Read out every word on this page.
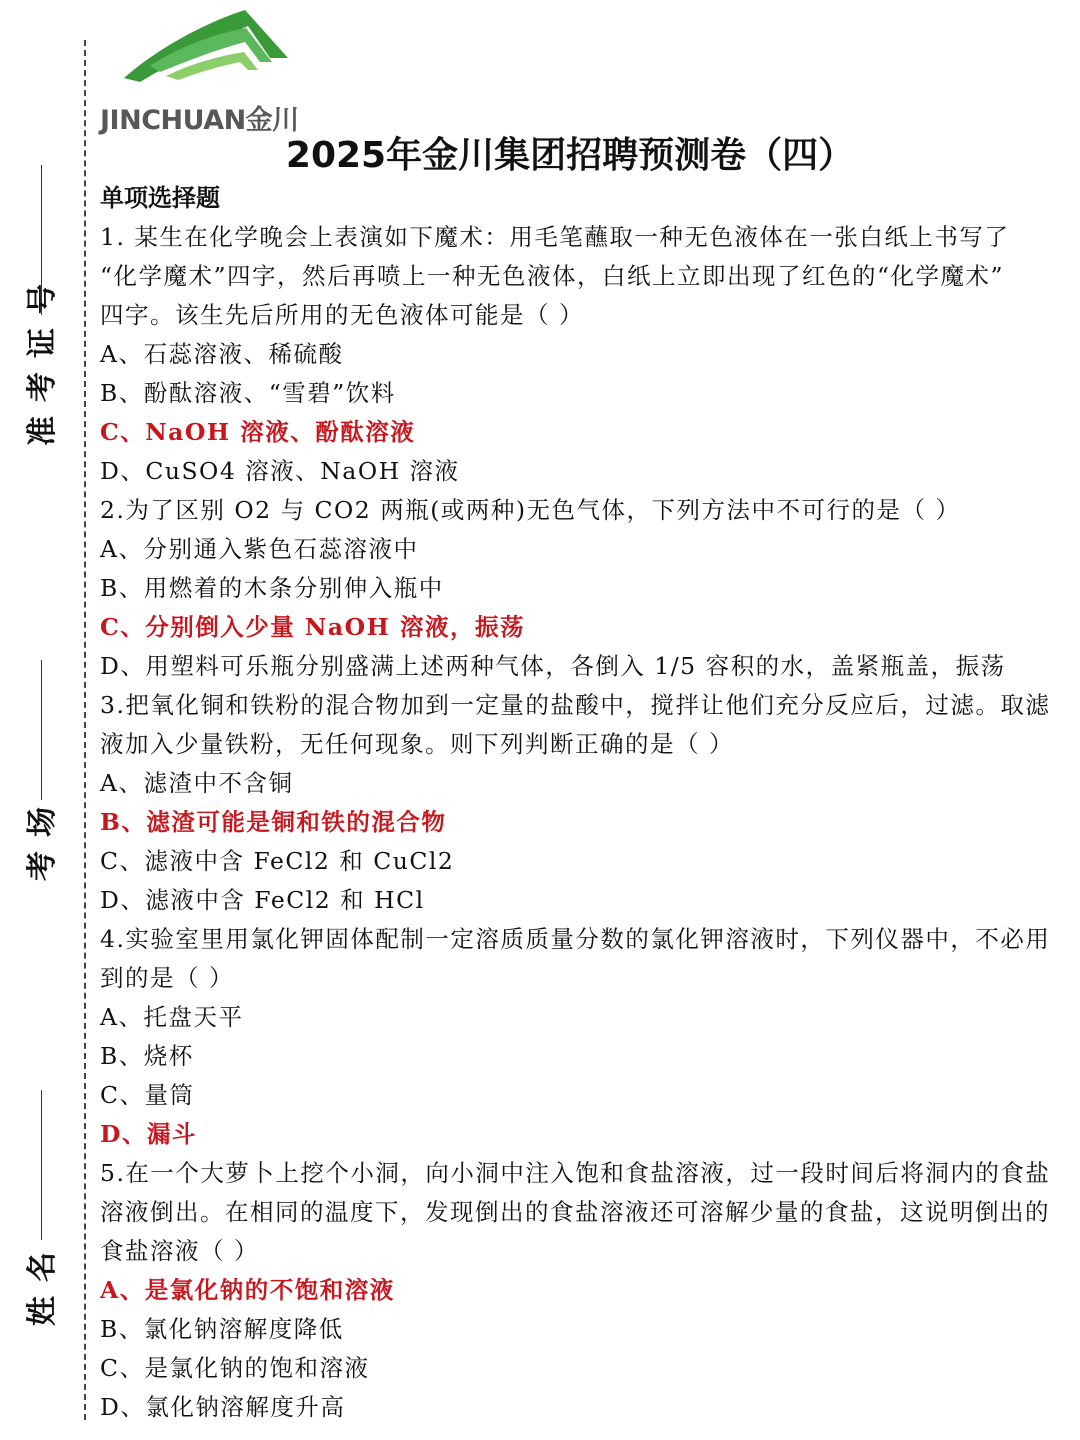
准考证号
考场
姓名
JINCHUAN金川
2025年金川集团招聘预测卷（四）
单项选择题
1. 某生在化学晚会上表演如下魔术：用毛笔蘸取一种无色液体在一张白纸上书写了
“化学魔术”四字，然后再喷上一种无色液体，白纸上立即出现了红色的“化学魔术”
四字。该生先后所用的无色液体可能是（ ）
A、石蕊溶液、稀硫酸
B、酚酞溶液、“雪碧”饮料
C、NaOH 溶液、酚酞溶液
D、CuSO4 溶液、NaOH 溶液
2.为了区别 O2 与 CO2 两瓶(或两种)无色气体，下列方法中不可行的是（ ）
A、分别通入紫色石蕊溶液中
B、用燃着的木条分别伸入瓶中
C、分别倒入少量 NaOH 溶液，振荡
D、用塑料可乐瓶分别盛满上述两种气体，各倒入 1/5 容积的水，盖紧瓶盖，振荡
3.把氧化铜和铁粉的混合物加到一定量的盐酸中，搅拌让他们充分反应后，过滤。取滤
液加入少量铁粉，无任何现象。则下列判断正确的是（ ）
A、滤渣中不含铜
B、滤渣可能是铜和铁的混合物
C、滤液中含 FeCl2 和 CuCl2
D、滤液中含 FeCl2 和 HCl
4.实验室里用氯化钾固体配制一定溶质质量分数的氯化钾溶液时，下列仪器中，不必用
到的是（ ）
A、托盘天平
B、烧杯
C、量筒
D、漏斗
5.在一个大萝卜上挖个小洞，向小洞中注入饱和食盐溶液，过一段时间后将洞内的食盐
溶液倒出。在相同的温度下，发现倒出的食盐溶液还可溶解少量的食盐，这说明倒出的
食盐溶液（ ）
A、是氯化钠的不饱和溶液
B、氯化钠溶解度降低
C、是氯化钠的饱和溶液
D、氯化钠溶解度升高
